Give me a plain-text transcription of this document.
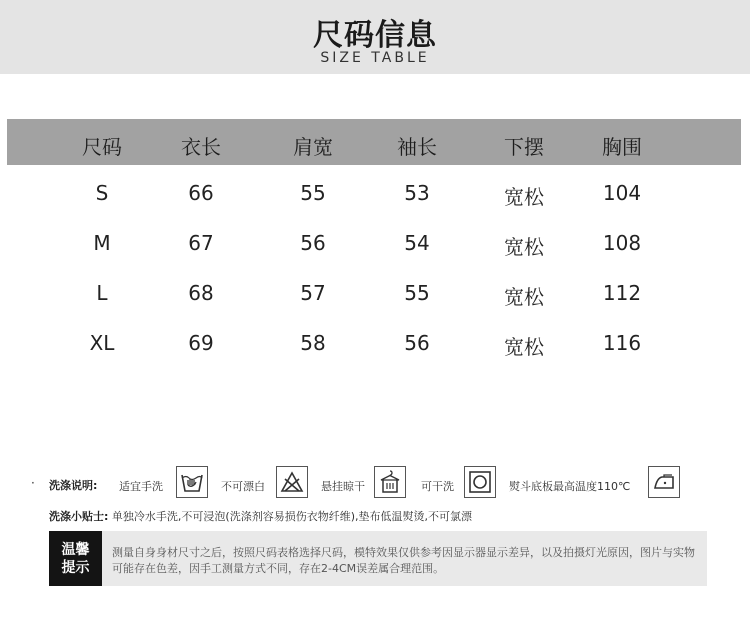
尺码信息
SIZE TABLE
尺码	衣长	肩宽	袖长	下摆	胸围
S	66	55	53	宽松	104
M	67	56	54	宽松	108
L	68	57	55	宽松	112
XL	69	58	56	宽松	116
· 洗涤说明: 适宜手洗	不可漂白	悬挂晾干	可干洗	熨斗底板最高温度110℃
洗涤小贴士: 单独冷水手洗,不可浸泡(洗涤剂容易损伤衣物纤维),垫布低温熨烫,不可氯漂
温馨
提示
测量自身身材尺寸之后，按照尺码表格选择尺码，模特效果仅供参考因显示器显示差异，以及拍摄灯光原因，图片与实物可能存在色差，因手工测量方式不同，存在2-4CM误差属合理范围。
